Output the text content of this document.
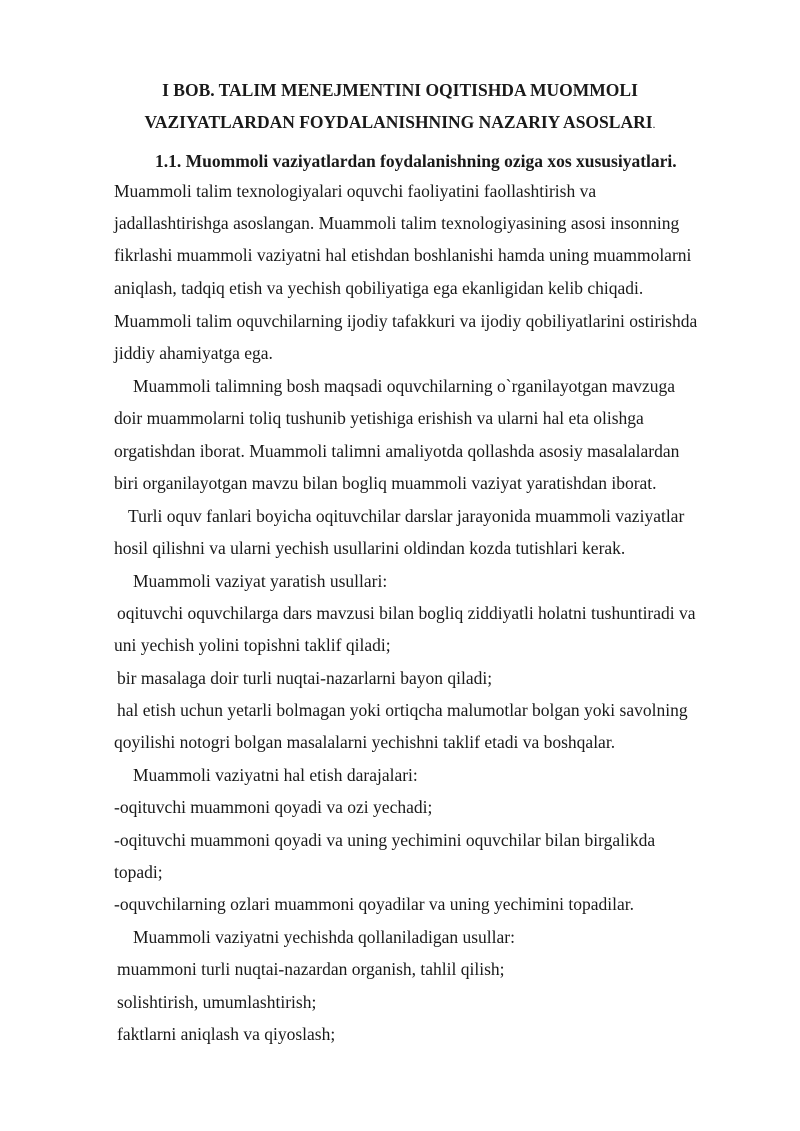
I BOB. TALIM MENEJMENTINI OQITISHDA MUOMMOLI
VAZIYATLARDAN FOYDALANISHNING NAZARIY ASOSLARI.
1.1. Muommoli vaziyatlardan foydalanishning oziga xos xususiyatlari.
Muammoli talim texnologiyalari oquvchi faoliyatini faollashtirish va
jadallashtirishga asoslangan. Muammoli talim texnologiyasining asosi insonning
fikrlashi muammoli vaziyatni hal etishdan boshlanishi hamda uning muammolarni
aniqlash, tadqiq etish va yechish qobiliyatiga ega ekanligidan kelib chiqadi.
Muammoli talim oquvchilarning ijodiy tafakkuri va ijodiy qobiliyatlarini ostirishda
jiddiy ahamiyatga ega.
Muammoli talimning bosh maqsadi oquvchilarning o`rganilayotgan mavzuga
doir muammolarni toliq tushunib yetishiga erishish va ularni hal eta olishga
orgatishdan iborat. Muammoli talimni amaliyotda qollashda asosiy masalalardan
biri organilayotgan mavzu bilan bogliq muammoli vaziyat yaratishdan iborat.
Turli oquv fanlari boyicha oqituvchilar darslar jarayonida muammoli vaziyatlar
hosil qilishni va ularni yechish usullarini oldindan kozda tutishlari kerak.
Muammoli vaziyat yaratish usullari:
oqituvchi oquvchilarga dars mavzusi bilan bogliq ziddiyatli holatni tushuntiradi va
uni yechish yolini topishni taklif qiladi;
bir masalaga doir turli nuqtai-nazarlarni bayon qiladi;
hal etish uchun yetarli bolmagan yoki ortiqcha malumotlar bolgan yoki savolning
qoyilishi notogri bolgan masalalarni yechishni taklif etadi va boshqalar.
Muammoli vaziyatni hal etish darajalari:
-oqituvchi muammoni qoyadi va ozi yechadi;
-oqituvchi muammoni qoyadi va uning yechimini oquvchilar bilan birgalikda
topadi;
-oquvchilarning ozlari muammoni qoyadilar va uning yechimini topadilar.
Muammoli vaziyatni yechishda qollaniladigan usullar:
muammoni turli nuqtai-nazardan organish, tahlil qilish;
solishtirish, umumlashtirish;
faktlarni aniqlash va qiyoslash;
